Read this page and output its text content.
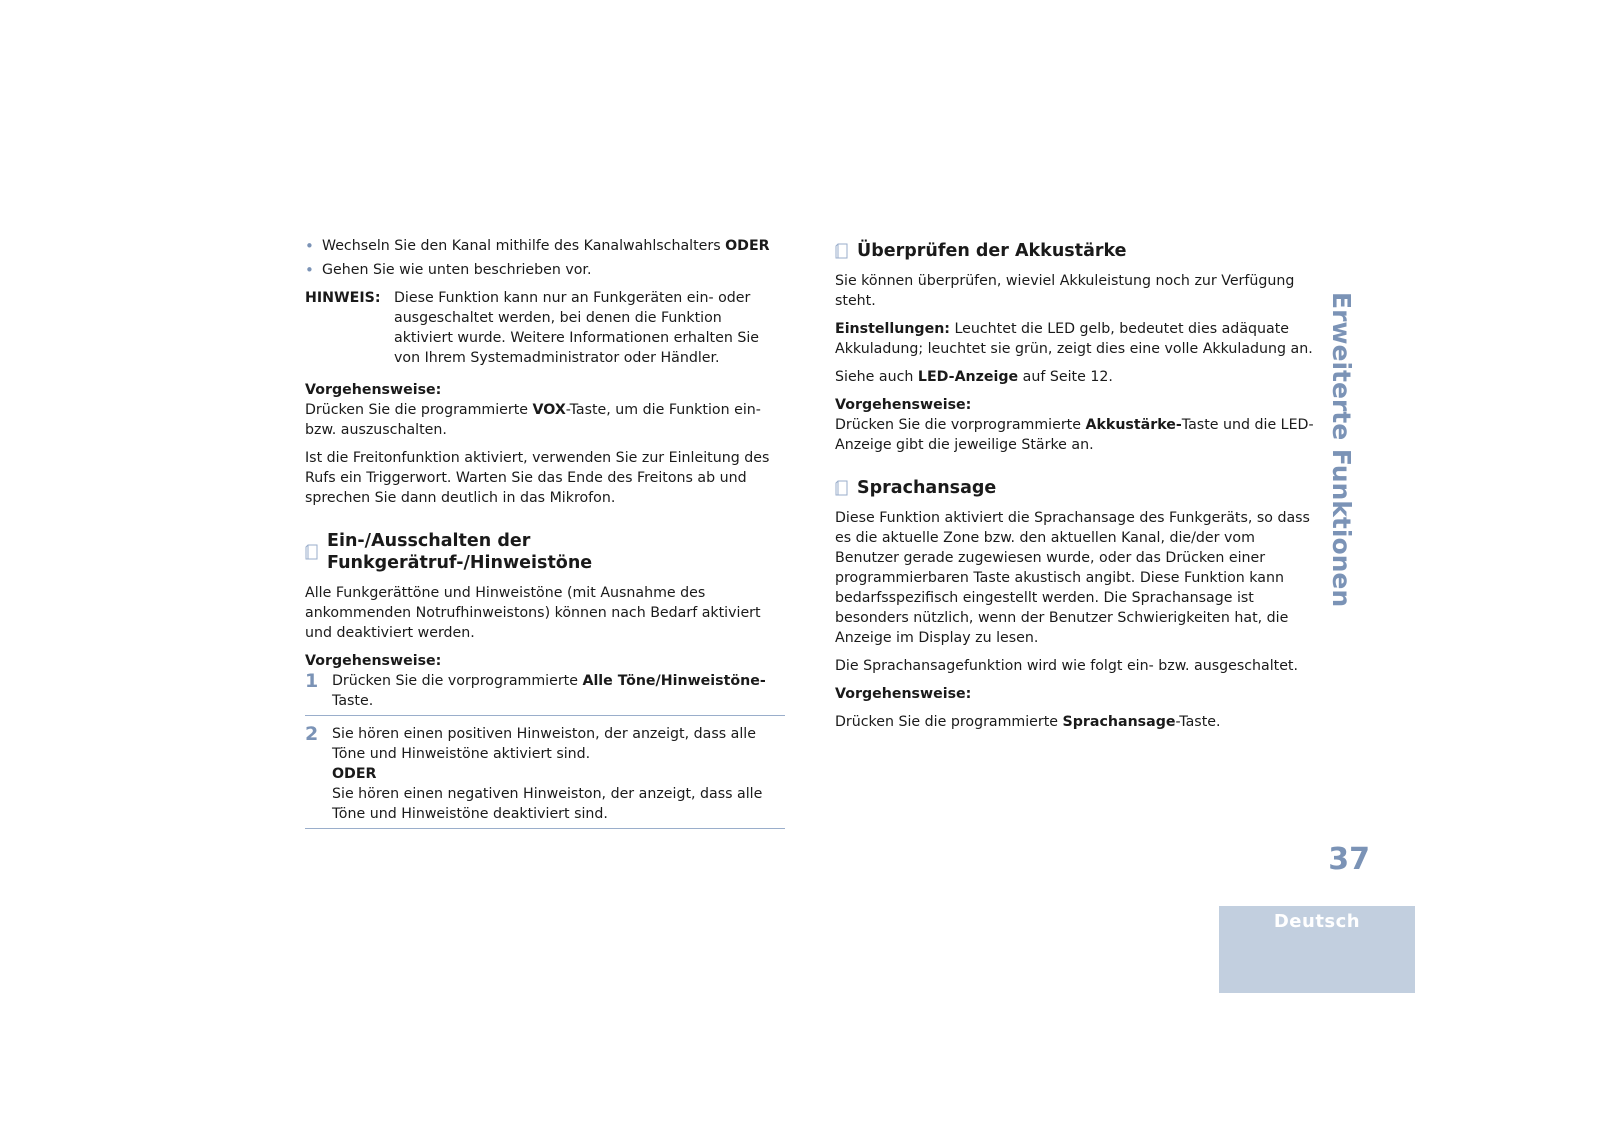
• Wechseln Sie den Kanal mithilfe des Kanalwahlschalters ODER
• Gehen Sie wie unten beschrieben vor.
HINWEIS: Diese Funktion kann nur an Funkgeräten ein- oder ausgeschaltet werden, bei denen die Funktion aktiviert wurde. Weitere Informationen erhalten Sie von Ihrem Systemadministrator oder Händler.

Vorgehensweise:

Drücken Sie die programmierte VOX-Taste, um die Funktion ein- bzw. auszuschalten.

Ist die Freitonfunktion aktiviert, verwenden Sie zur Einleitung des Rufs ein Triggerwort. Warten Sie das Ende des Freitons ab und sprechen Sie dann deutlich in das Mikrofon.

Ein-/Ausschalten der Funkgerätruf-/Hinweistöne

Alle Funkgerättöne und Hinweistöne (mit Ausnahme des ankommenden Notrufhinweistons) können nach Bedarf aktiviert und deaktiviert werden.

Vorgehensweise:

1 Drücken Sie die vorprogrammierte Alle Töne/Hinweistöne-
Taste.
2 Sie hören einen positiven Hinweiston, der anzeigt, dass alle Töne und Hinweistöne aktiviert sind.
ODER
Sie hören einen negativen Hinweiston, der anzeigt, dass alle Töne und Hinweistöne deaktiviert sind.
Überprüfen der Akkustärke

Sie können überprüfen, wieviel Akkuleistung noch zur Verfügung steht.

Einstellungen: Leuchtet die LED gelb, bedeutet dies adäquate Akkuladung; leuchtet sie grün, zeigt dies eine volle Akkuladung an.

Siehe auch LED-Anzeige auf Seite 12.

Vorgehensweise:

Drücken Sie die vorprogrammierte Akkustärke-Taste und die LED-Anzeige gibt die jeweilige Stärke an.

Sprachansage

Diese Funktion aktiviert die Sprachansage des Funkgeräts, so dass es die aktuelle Zone bzw. den aktuellen Kanal, die/der vom Benutzer gerade zugewiesen wurde, oder das Drücken einer programmierbaren Taste akustisch angibt. Diese Funktion kann bedarfsspezifisch eingestellt werden. Die Sprachansage ist besonders nützlich, wenn der Benutzer Schwierigkeiten hat, die Anzeige im Display zu lesen.

Die Sprachansagefunktion wird wie folgt ein- bzw. ausgeschaltet.

Vorgehensweise:

Drücken Sie die programmierte Sprachansage-Taste.

Erweiterte Funktionen
37
Deutsch
